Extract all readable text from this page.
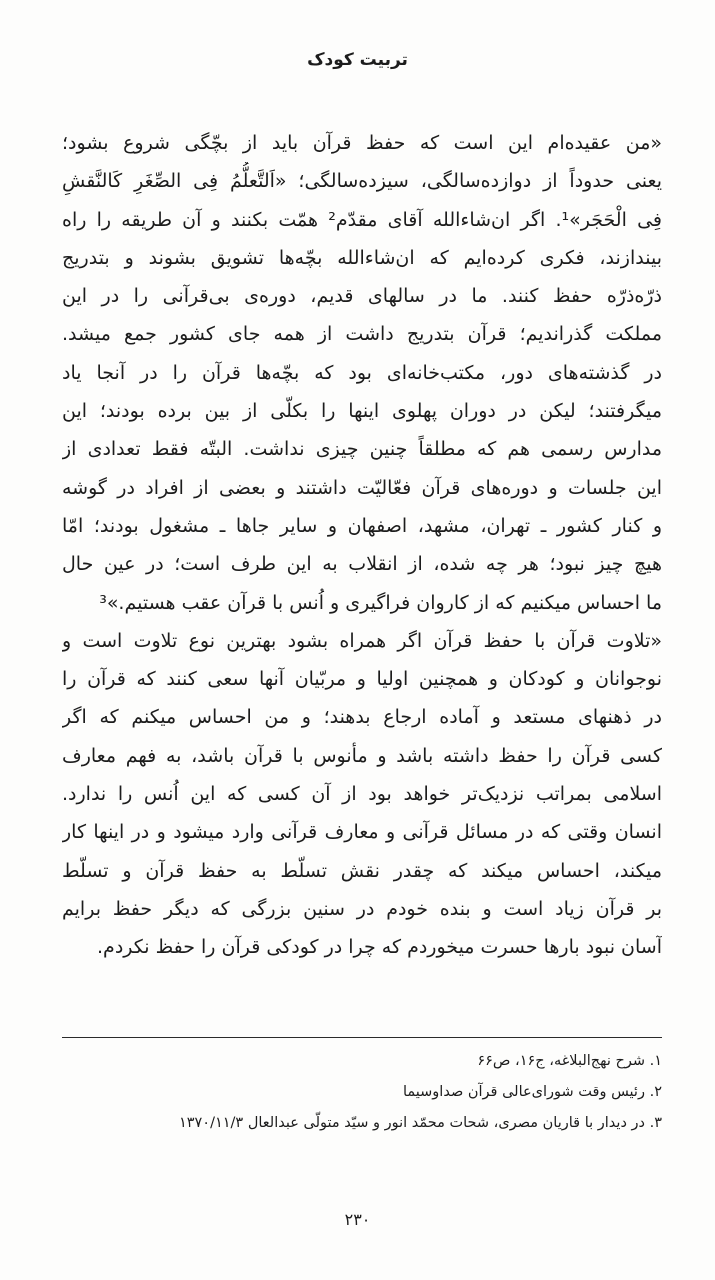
تربیت کودک
«من عقیده‌ام این است که حفظ قرآن باید از بچّگی شروع بشود؛
یعنی حدوداً از دوازده‌سالگی، سیزده‌سالگی؛ «اَلتَّعلُّمُ فِی الصِّغَرِ کَالنَّقشِ
فِی الْحَجَر»¹. اگر ان‌شاءالله آقای مقدّم² همّت بکنند و آن طریقه را راه
بیندازند، فکری کرده‌ایم که ان‌شاءالله بچّه‌ها تشویق بشوند و بتدریج
ذرّه‌ذرّه حفظ کنند. ما در سالهای قدیم، دوره‌ی بی‌قرآنی را در این
مملکت گذراندیم؛ قرآن بتدریج داشت از همه جای کشور جمع میشد.
در گذشته‌های دور، مکتب‌خانه‌ای بود که بچّه‌ها قرآن را در آنجا یاد
میگرفتند؛ لیکن در دوران پهلوی اینها را بکلّی از بین برده بودند؛ این
مدارس رسمی هم که مطلقاً چنین چیزی نداشت. البتّه فقط تعدادی از
این جلسات و دوره‌های قرآن فعّالیّت داشتند و بعضی از افراد در گوشه
و کنار کشور ـ تهران، مشهد، اصفهان و سایر جاها ـ مشغول بودند؛ امّا
هیچ چیز نبود؛ هر چه شده، از انقلاب به این طرف است؛ در عین حال
ما احساس میکنیم که از کاروان فراگیری و اُنس با قرآن عقب هستیم.»³
«تلاوت قرآن با حفظ قرآن اگر همراه بشود بهترین نوع تلاوت است و
نوجوانان و کودکان و همچنین اولیا و مربّیان آنها سعی کنند که قرآن را
در ذهنهای مستعد و آماده ارجاع بدهند؛ و من احساس میکنم که اگر
کسی قرآن را حفظ داشته باشد و مأنوس با قرآن باشد، به فهم معارف
اسلامی بمراتب نزدیک‌تر خواهد بود از آن کسی که این اُنس را ندارد.
انسان وقتی که در مسائل قرآنی و معارف قرآنی وارد میشود و در اینها کار
میکند، احساس میکند که چقدر نقش تسلّط به حفظ قرآن و تسلّط
بر قرآن زیاد است و بنده خودم در سنین بزرگی که دیگر حفظ برایم
آسان نبود بارها حسرت میخوردم که چرا در کودکی قرآن را حفظ نکردم.
۱. شرح نهج‌البلاغه، ج۱۶، ص۶۶
۲. رئیس وقت شورای‌عالی قرآن صداوسیما
۳. در دیدار با قاریان مصری، شحات محمّد انور و سیّد متولّی عبدالعال ۱۳۷۰/۱۱/۳
۲۳۰
